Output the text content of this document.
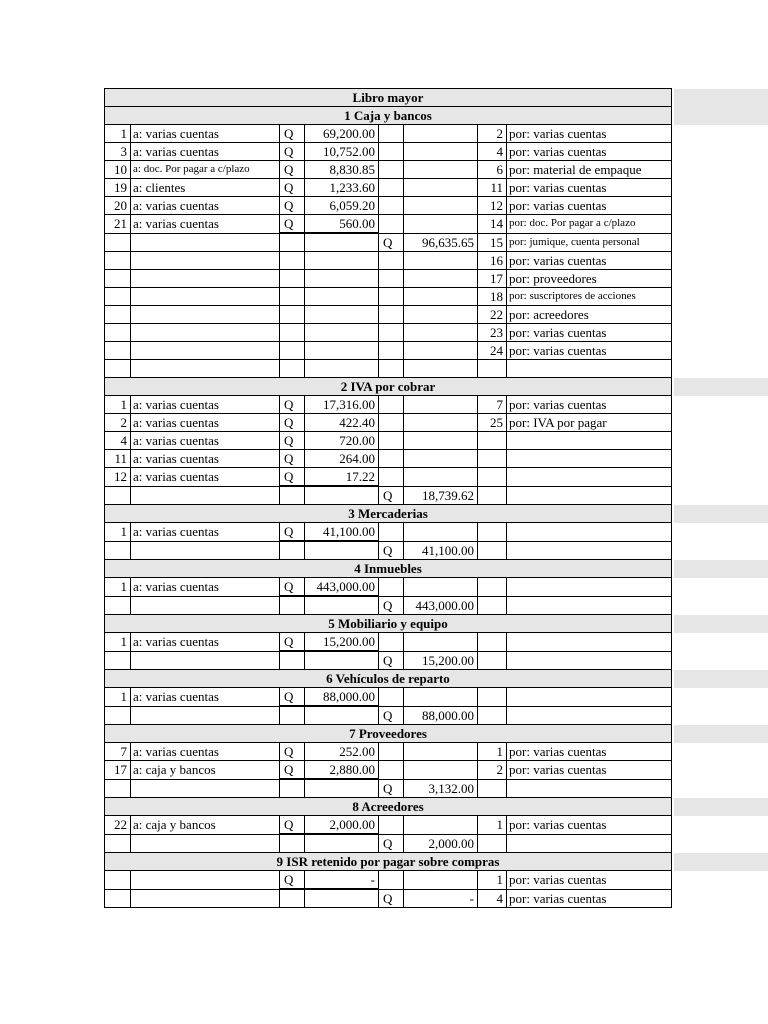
Libro mayor							
1 Caja y bancos							
1	a: varias cuentas	Q	69,200.00			2	por: varias cuentas
3	a: varias cuentas	Q	10,752.00			4	por: varias cuentas
10	a: doc. Por pagar a c/plazo	Q	8,830.85			6	por: material de empaque
19	a: clientes	Q	1,233.60			11	por: varias cuentas
20	a: varias cuentas	Q	6,059.20			12	por: varias cuentas
21	a: varias cuentas	Q	560.00			14	por: doc. Por pagar a c/plazo
				Q	96,635.65	15	por: jumique, cuenta personal
						16	por: varias cuentas
						17	por: proveedores
						18	por: suscriptores de acciones
						22	por: acreedores
						23	por: varias cuentas
						24	por: varias cuentas

2 IVA por cobrar							
1	a: varias cuentas	Q	17,316.00			7	por: varias cuentas
2	a: varias cuentas	Q	422.40			25	por: IVA por pagar
4	a: varias cuentas	Q	720.00				
11	a: varias cuentas	Q	264.00				
12	a: varias cuentas	Q	17.22				
				Q	18,739.62		
3 Mercaderias							
1	a: varias cuentas	Q	41,100.00				
				Q	41,100.00		
4 Inmuebles							
1	a: varias cuentas	Q	443,000.00				
				Q	443,000.00		
5 Mobiliario y equipo							
1	a: varias cuentas	Q	15,200.00				
				Q	15,200.00		
6 Vehículos de reparto							
1	a: varias cuentas	Q	88,000.00				
				Q	88,000.00		
7 Proveedores							
7	a: varias cuentas	Q	252.00			1	por: varias cuentas
17	a: caja y bancos	Q	2,880.00			2	por: varias cuentas
				Q	3,132.00		
8 Acreedores							
22	a: caja y bancos	Q	2,000.00			1	por: varias cuentas
				Q	2,000.00		
9 ISR retenido por pagar sobre compras							
		Q	-			1	por: varias cuentas
				Q	-	4	por: varias cuentas
